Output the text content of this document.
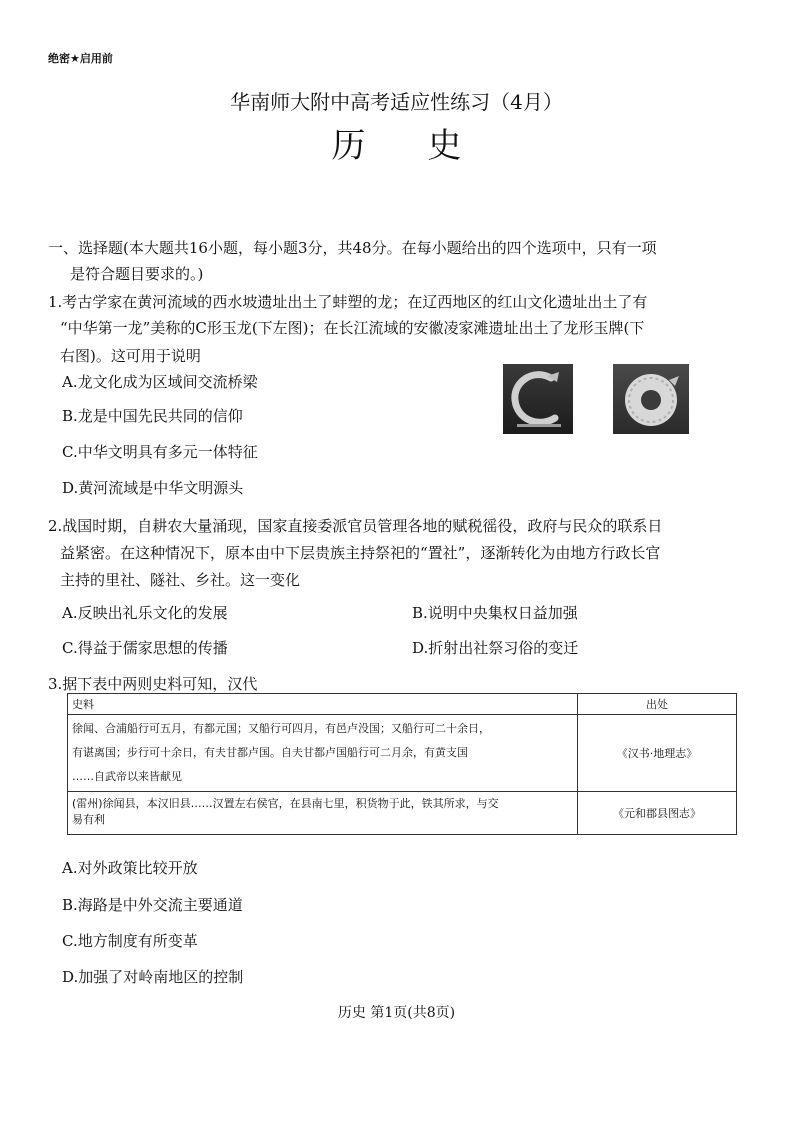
绝密★启用前
华南师大附中高考适应性练习（4月）
历史
一、选择题(本大题共16小题，每小题3分，共48分。在每小题给出的四个选项中，只有一项
是符合题目要求的。)
1.考古学家在黄河流域的西水坡遗址出土了蚌塑的龙；在辽西地区的红山文化遗址出土了有
“中华第一龙”美称的C形玉龙(下左图)；在长江流域的安徽凌家滩遗址出土了龙形玉牌(下
右图)。这可用于说明
A.龙文化成为区域间交流桥梁
B.龙是中国先民共同的信仰
C.中华文明具有多元一体特征
D.黄河流域是中华文明源头
2.战国时期，自耕农大量涌现，国家直接委派官员管理各地的赋税徭役，政府与民众的联系日
益紧密。在这种情况下，原本由中下层贵族主持祭祀的“置社”，逐渐转化为由地方行政长官
主持的里社、隧社、乡社。这一变化
A.反映出礼乐文化的发展	B.说明中央集权日益加强
C.得益于儒家思想的传播	D.折射出社祭习俗的变迁
3.据下表中两则史料可知，汉代
史料	出处

徐闻、合浦船行可五月，有都元国；又船行可四月，有邑卢没国；又船行可二十余日，
有谌离国；步行可十余日，有夫甘都卢国。自夫甘都卢国船行可二月余，有黄支国
……自武帝以来皆献见	《汉书·地理志》

(雷州)徐闻县，本汉旧县……汉置左右侯官，在县南七里，积货物于此，铁其所求，与交
易有利	《元和郡县图志》
A.对外政策比较开放
B.海路是中外交流主要通道
C.地方制度有所变革
D.加强了对岭南地区的控制
历史 第1页(共8页)
